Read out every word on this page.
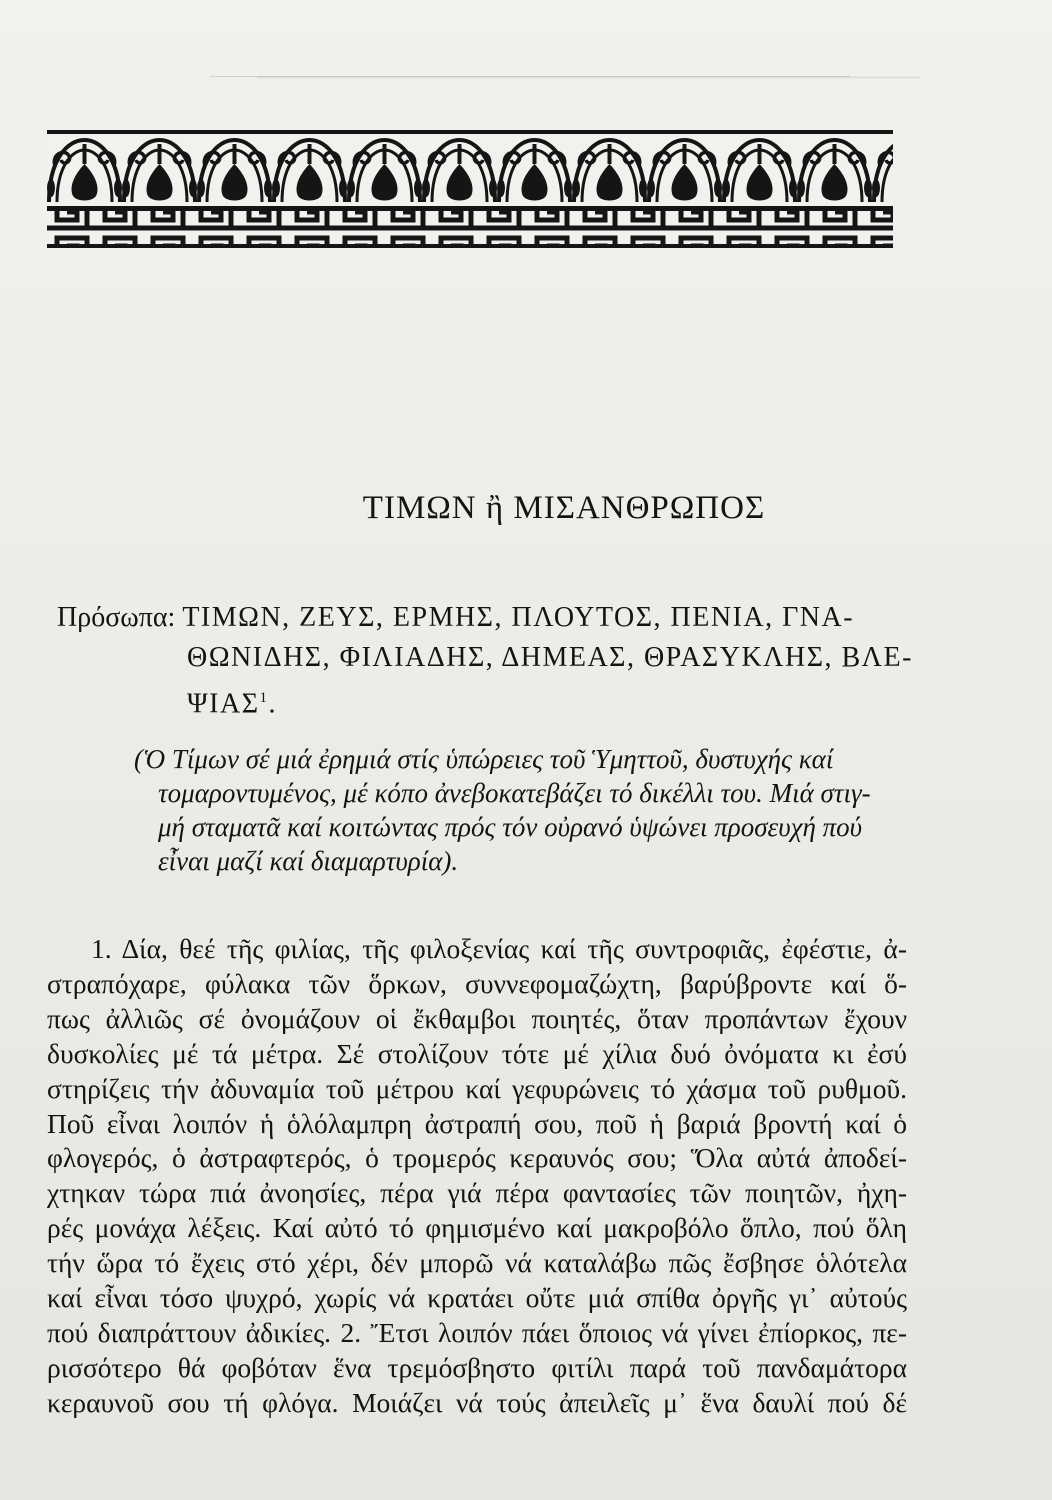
────────────────────────────────────────────
ΤΙΜΩΝ ἢ ΜΙΣΑΝΘΡΩΠΟΣ
Πρόσωπα: ΤΙΜΩΝ, ΖΕΥΣ, ΕΡΜΗΣ, ΠΛΟΥΤΟΣ, ΠΕΝΙΑ, ΓΝΑ-
ΘΩΝΙΔΗΣ, ΦΙΛΙΑΔΗΣ, ΔΗΜΕΑΣ, ΘΡΑΣΥΚΛΗΣ, ΒΛΕ-
ΨΙΑΣ$^1$.
(Ὁ Τίμων σέ μιά ἐρημιά στίς ὑπώρειες τοῦ Ὑμηττοῦ, δυστυχής καί
τομαροντυμένος, μέ κόπο ἀνεβοκατεβάζει τό δικέλλι του. Μιά στιγ-
μή σταματᾶ καί κοιτώντας πρός τόν οὐρανό ὑψώνει προσευχή πού
εἶναι μαζί καί διαμαρτυρία).
1. Δία, θεέ τῆς φιλίας, τῆς φιλοξενίας καί τῆς συντροφιᾶς, ἐφέστιε, ἀ-
στραπόχαρε, φύλακα τῶν ὅρκων, συννεφομαζώχτη, βαρύβροντε καί ὅ-
πως ἀλλιῶς σέ ὀνομάζουν οἱ ἔκθαμβοι ποιητές, ὅταν προπάντων ἔχουν
δυσκολίες μέ τά μέτρα. Σέ στολίζουν τότε μέ χίλια δυό ὀνόματα κι ἐσύ
στηρίζεις τήν ἀδυναμία τοῦ μέτρου καί γεφυρώνεις τό χάσμα τοῦ ρυθμοῦ.
Ποῦ εἶναι λοιπόν ἡ ὁλόλαμπρη ἀστραπή σου, ποῦ ἡ βαριά βροντή καί ὁ
φλογερός, ὁ ἀστραφτερός, ὁ τρομερός κεραυνός σου; Ὅλα αὐτά ἀποδεί-
χτηκαν τώρα πιά ἀνοησίες, πέρα γιά πέρα φαντασίες τῶν ποιητῶν, ἠχη-
ρές μονάχα λέξεις. Καί αὐτό τό φημισμένο καί μακροβόλο ὅπλο, πού ὅλη
τήν ὥρα τό ἔχεις στό χέρι, δέν μπορῶ νά καταλάβω πῶς ἔσβησε ὁλότελα
καί εἶναι τόσο ψυχρό, χωρίς νά κρατάει οὔτε μιά σπίθα ὀργῆς γι᾽ αὐτούς
πού διαπράττουν ἀδικίες. 2. Ἔτσι λοιπόν πάει ὅποιος νά γίνει ἐπίορκος, πε-
ρισσότερο θά φοβόταν ἕνα τρεμόσβηστο φιτίλι παρά τοῦ πανδαμάτορα
κεραυνοῦ σου τή φλόγα. Μοιάζει νά τούς ἀπειλεῖς μ᾽ ἕνα δαυλί πού δέ
